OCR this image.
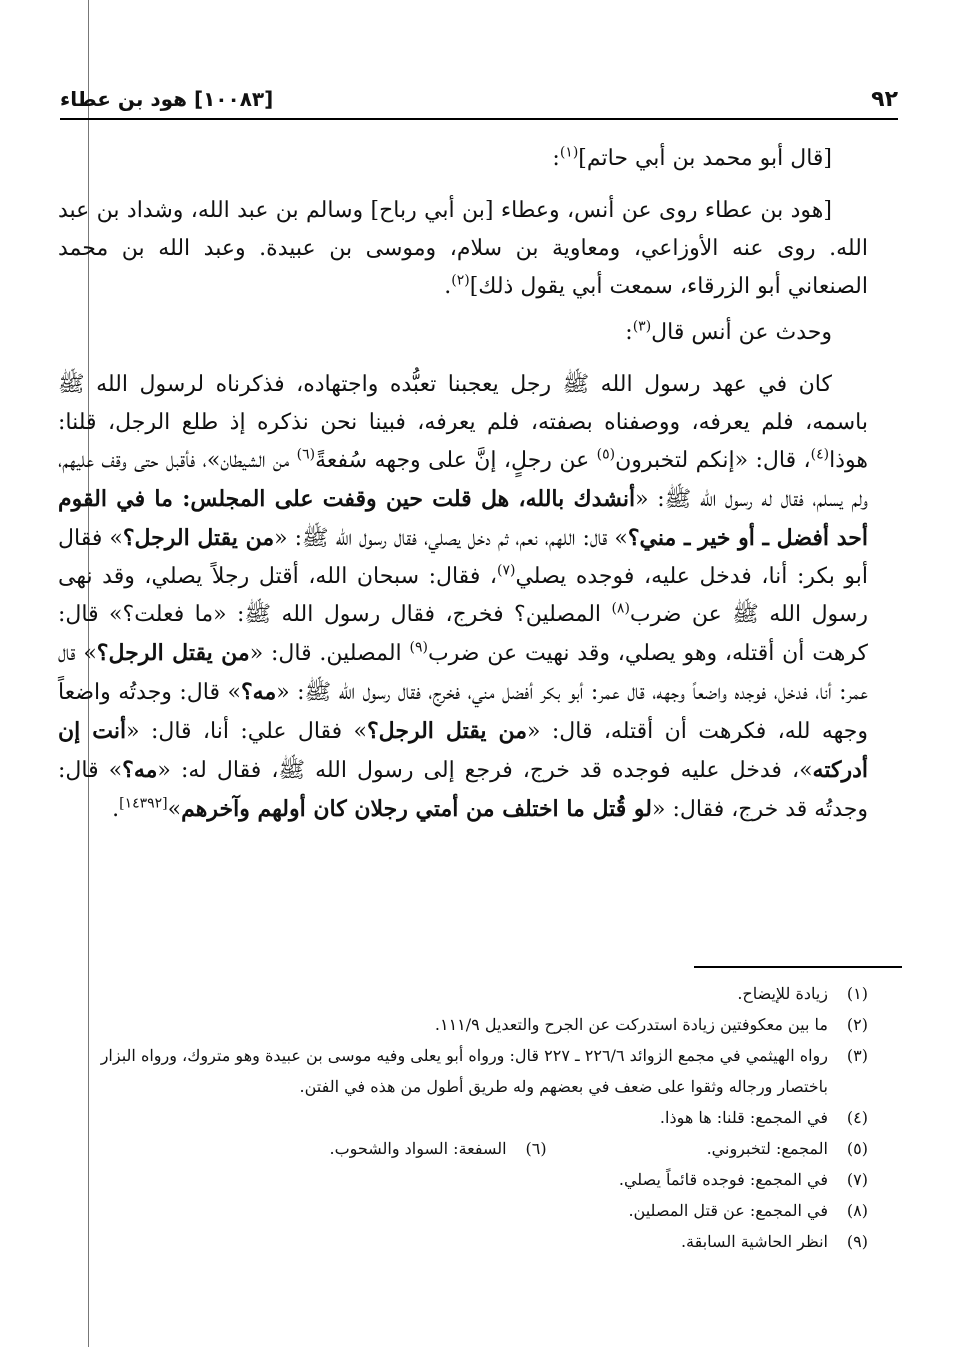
٩٢
[١٠٠٨٣] هود بن عطاء

[قال أبو محمد بن أبي حاتم]$^{(١)}$:

[هود بن عطاء روى عن أنس، وعطاء [بن أبي رباح] وسالم بن عبد الله، وشداد بن عبد الله. روى عنه الأوزاعي، ومعاوية بن سلام، وموسى بن عبيدة. وعبد الله بن محمد الصنعاني أبو الزرقاء، سمعت أبي يقول ذلك]$^{(٢)}$.

وحدث عن أنس قال$^{(٣)}$:

كان في عهد رسول الله ﷺ رجل يعجبنا تعبُّده واجتهاده، فذكرناه لرسول الله ﷺ باسمه، فلم يعرفه، ووصفناه بصفته، فلم يعرفه، فبينا نحن نذكره إذ طلع الرجل، قلنا: هوذا$^{(٤)}$، قال: «إنكم لتخبرون$^{(٥)}$ عن رجلٍ، إنَّ على وجهه سُفعةً$^{(٦)}$ من الشيطان»، فأقبل حتى وقف عليهم، ولم يسلم، فقال له رسول الله ﷺ: «أنشدك بالله، هل قلت حين وقفت على المجلس: ما في القوم أحد أفضل ـ أو خير ـ مني؟» قال: اللهم، نعم، ثم دخل يصلي، فقال رسول الله ﷺ: «من يقتل الرجل؟» فقال أبو بكر: أنا، فدخل عليه، فوجده يصلي$^{(٧)}$، فقال: سبحان الله، أقتل رجلاً يصلي، وقد نهى رسول الله ﷺ عن ضرب$^{(٨)}$ المصلين؟ فخرج، فقال رسول الله ﷺ: «ما فعلت؟» قال: كرهت أن أقتله، وهو يصلي، وقد نهيت عن ضرب$^{(٩)}$ المصلين. قال: «من يقتل الرجل؟» قال عمر: أنا، فدخل، فوجده واضعاً وجهه، قال عمر: أبو بكر أفضل مني، فخرج، فقال رسول الله ﷺ: «مه؟» قال: وجدتُه واضعاً وجهه لله، فكرهت أن أقتله، قال: «من يقتل الرجل؟» فقال علي: أنا، قال: «أنت إن أدركته»، فدخل عليه فوجده قد خرج، فرجع إلى رسول الله ﷺ، فقال له: «مه؟» قال: وجدتُه قد خرج، فقال: «لو قُتل ما اختلف من أمتي رجلان كان أولهم وآخرهم»[١٤٣٩٢].

(١)
زيادة للإيضاح.
(٢)
ما بين معكوفتين زيادة استدركت عن الجرح والتعديل ١١١/٩.
(٣)
رواه الهيثمي في مجمع الزوائد ٢٢٦/٦ ـ ٢٢٧ قال: ورواه أبو يعلى وفيه موسى بن عبيدة وهو متروك، ورواه البزار باختصار ورجاله وثقوا على ضعف في بعضهم وله طريق أطول من هذه في الفتن.
(٤)
في المجمع: قلنا: ها هوذا.
(٥)
المجمع: لتخبروني.
(٦)
السفعة: السواد والشحوب.
(٧)
في المجمع: فوجده قائماً يصلي.
(٨)
في المجمع: عن قتل المصلين.
(٩)
انظر الحاشية السابقة.
